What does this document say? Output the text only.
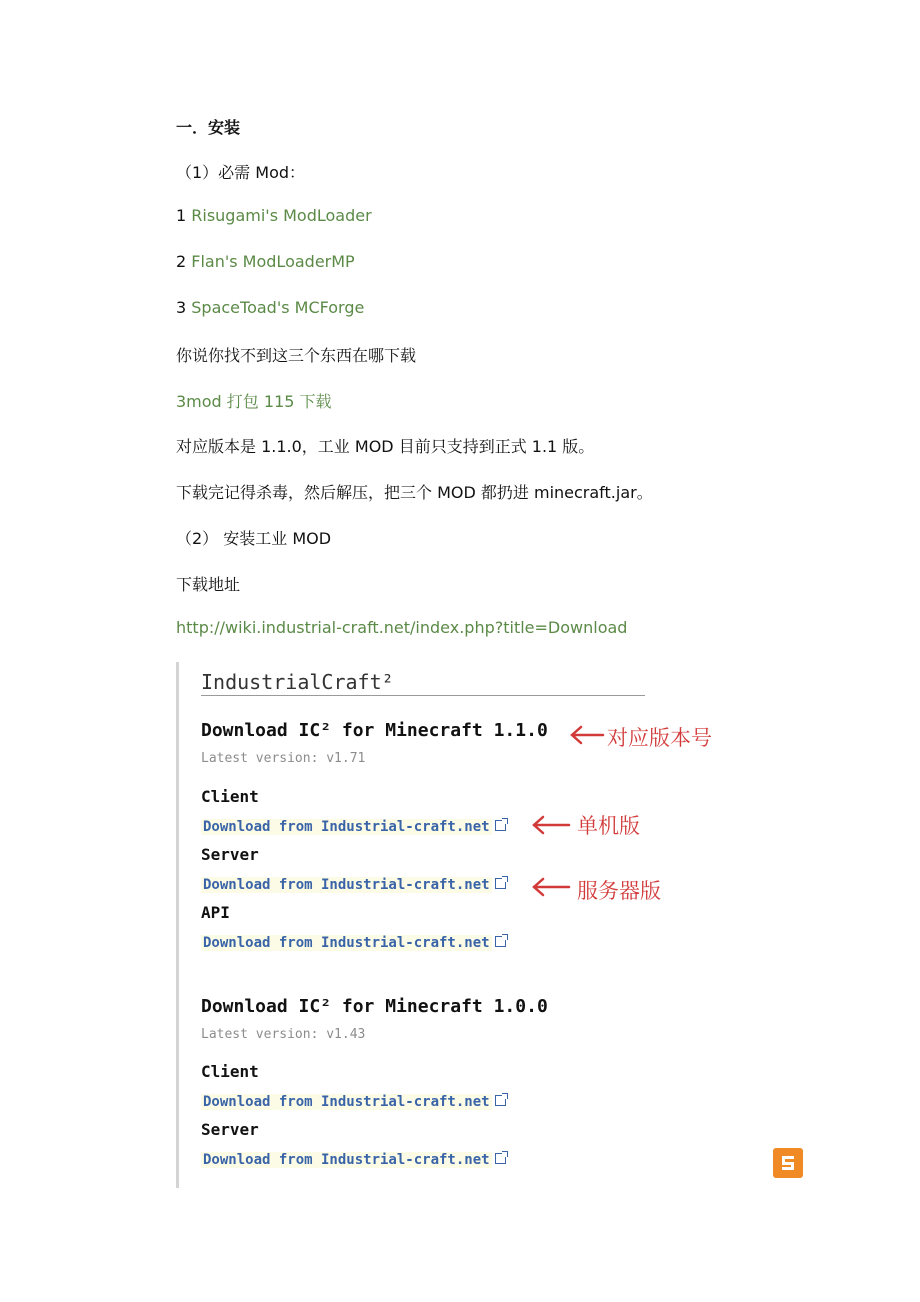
一．安装
（1）必需 Mod：
1 Risugami's ModLoader
2 Flan's ModLoaderMP
3 SpaceToad's MCForge
你说你找不到这三个东西在哪下载
3mod 打包 115 下载
对应版本是 1.1.0，工业 MOD 目前只支持到正式 1.1 版。
下载完记得杀毒，然后解压，把三个 MOD 都扔进 minecraft.jar。
（2） 安装工业 MOD
下载地址
http://wiki.industrial-craft.net/index.php?title=Download
IndustrialCraft²
Download IC² for Minecraft 1.1.0
Latest version: v1.71
Client
Download from Industrial-craft.net
Server
Download from Industrial-craft.net
API
Download from Industrial-craft.net
Download IC² for Minecraft 1.0.0
Latest version: v1.43
Client
Download from Industrial-craft.net
Server
Download from Industrial-craft.net
对应版本号
单机版
服务器版
